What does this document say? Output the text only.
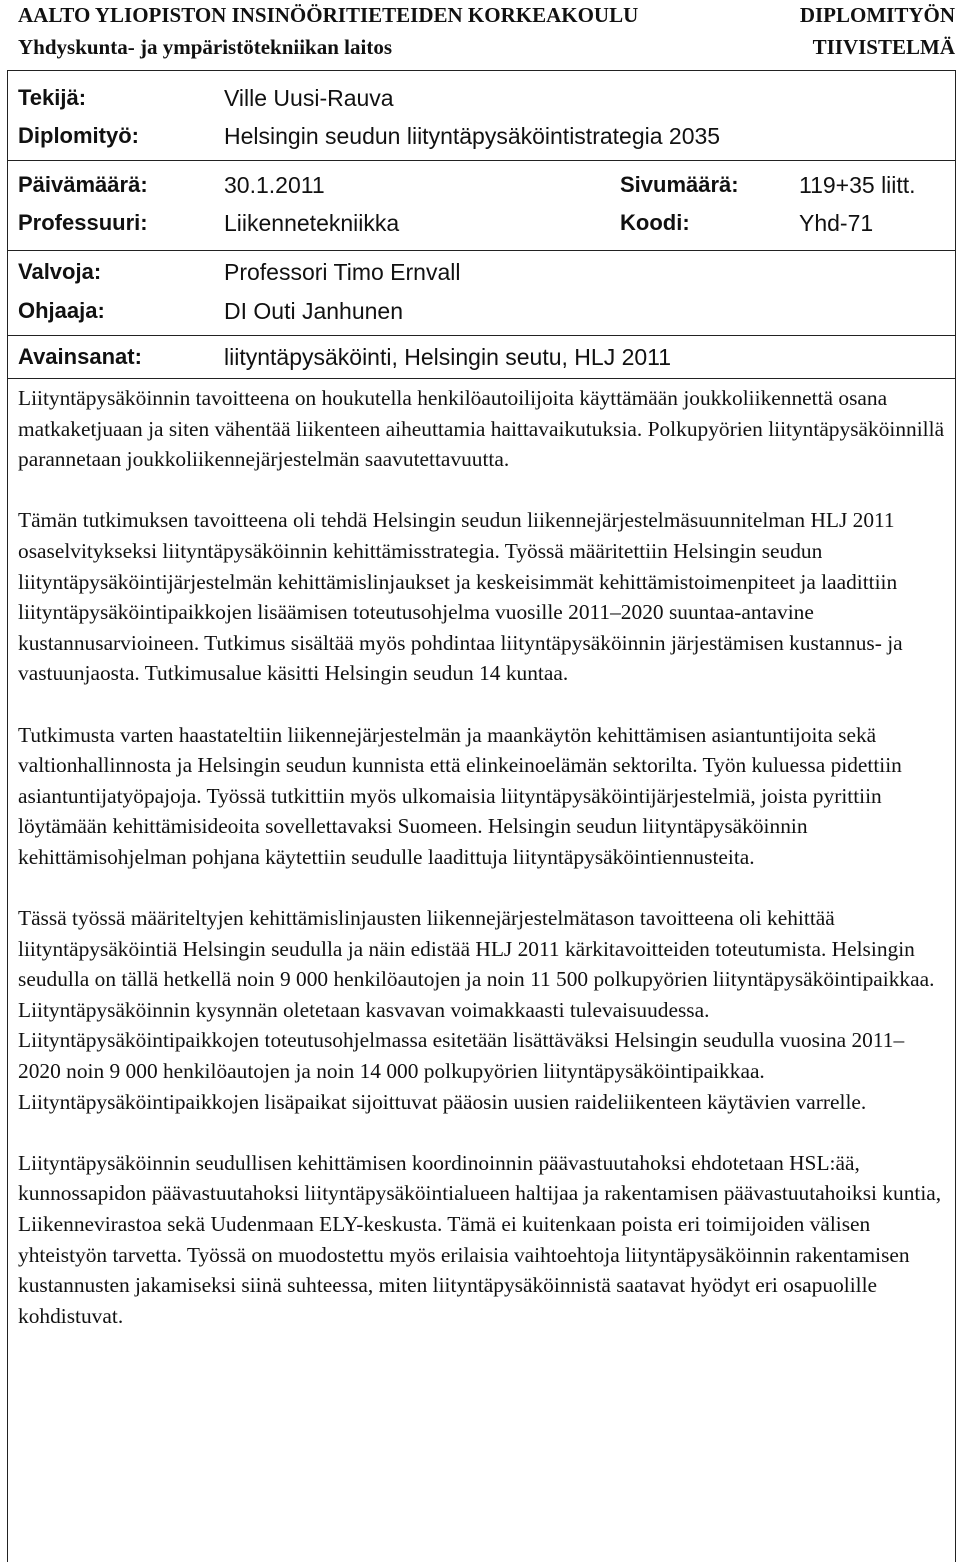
AALTO YLIOPISTON INSINÖÖRITIETEIDEN KORKEAKOULU
Yhdyskunta- ja ympäristötekniikan laitos
DIPLOMITYÖN
TIIVISTELMÄ
Tekijä:	Ville Uusi-Rauva
Diplomityö:	Helsingin seudun liityntäpysäköintistrategia 2035
Päivämäärä:	30.1.2011	Sivumäärä:	119+35 liitt.
Professuuri:	Liikennetekniikka	Koodi:	Yhd-71
Valvoja:	Professori Timo Ernvall
Ohjaaja:	DI Outi Janhunen
Avainsanat:	liityntäpysäköinti, Helsingin seutu, HLJ 2011

Liityntäpysäköinnin tavoitteena on houkutella henkilöautoilijoita käyttämään joukkoliikennettä osana matkaketjuaan ja siten vähentää liikenteen aiheuttamia haittavaikutuksia. Polkupyörien liityntäpysäköinnillä parannetaan joukkoliikennejärjestelmän saavutettavuutta.

Tämän tutkimuksen tavoitteena oli tehdä Helsingin seudun liikennejärjestelmäsuunnitelman HLJ 2011 osaselvitykseksi liityntäpysäköinnin kehittämisstrategia. Työssä määritettiin Helsingin seudun liityntäpysäköintijärjestelmän kehittämislinjaukset ja keskeisimmät kehittämistoimenpiteet ja laadittiin liityntäpysäköintipaikkojen lisäämisen toteutusohjelma vuosille 2011–2020 suuntaa-antavine kustannusarvioineen. Tutkimus sisältää myös pohdintaa liityntäpysäköinnin järjestämisen kustannus- ja vastuunjaosta. Tutkimusalue käsitti Helsingin seudun 14 kuntaa.

Tutkimusta varten haastateltiin liikennejärjestelmän ja maankäytön kehittämisen asiantuntijoita sekä valtionhallinnosta ja Helsingin seudun kunnista että elinkeinoelämän sektorilta. Työn kuluessa pidettiin asiantuntijatyöpajoja. Työssä tutkittiin myös ulkomaisia liityntäpysäköintijärjestelmiä, joista pyrittiin löytämään kehittämisideoita sovellettavaksi Suomeen. Helsingin seudun liityntäpysäköinnin kehittämisohjelman pohjana käytettiin seudulle laadittuja liityntäpysäköintiennusteita.

Tässä työssä määriteltyjen kehittämislinjausten liikennejärjestelmätason tavoitteena oli kehittää liityntäpysäköintiä Helsingin seudulla ja näin edistää HLJ 2011 kärkitavoitteiden toteutumista. Helsingin seudulla on tällä hetkellä noin 9 000 henkilöautojen ja noin 11 500 polkupyörien liityntäpysäköintipaikkaa. Liityntäpysäköinnin kysynnän oletetaan kasvavan voimakkaasti tulevaisuudessa. Liityntäpysäköintipaikkojen toteutusohjelmassa esitetään lisättäväksi Helsingin seudulla vuosina 2011–2020 noin 9 000 henkilöautojen ja noin 14 000 polkupyörien liityntäpysäköintipaikkaa. Liityntäpysäköintipaikkojen lisäpaikat sijoittuvat pääosin uusien raideliikenteen käytävien varrelle.

Liityntäpysäköinnin seudullisen kehittämisen koordinoinnin päävastuutahoksi ehdotetaan HSL:ää, kunnossapidon päävastuutahoksi liityntäpysäköintialueen haltijaa ja rakentamisen päävastuutahoiksi kuntia, Liikennevirastoa sekä Uudenmaan ELY-keskusta. Tämä ei kuitenkaan poista eri toimijoiden välisen yhteistyön tarvetta. Työssä on muodostettu myös erilaisia vaihtoehtoja liityntäpysäköinnin rakentamisen kustannusten jakamiseksi siinä suhteessa, miten liityntäpysäköinnistä saatavat hyödyt eri osapuolille kohdistuvat.
